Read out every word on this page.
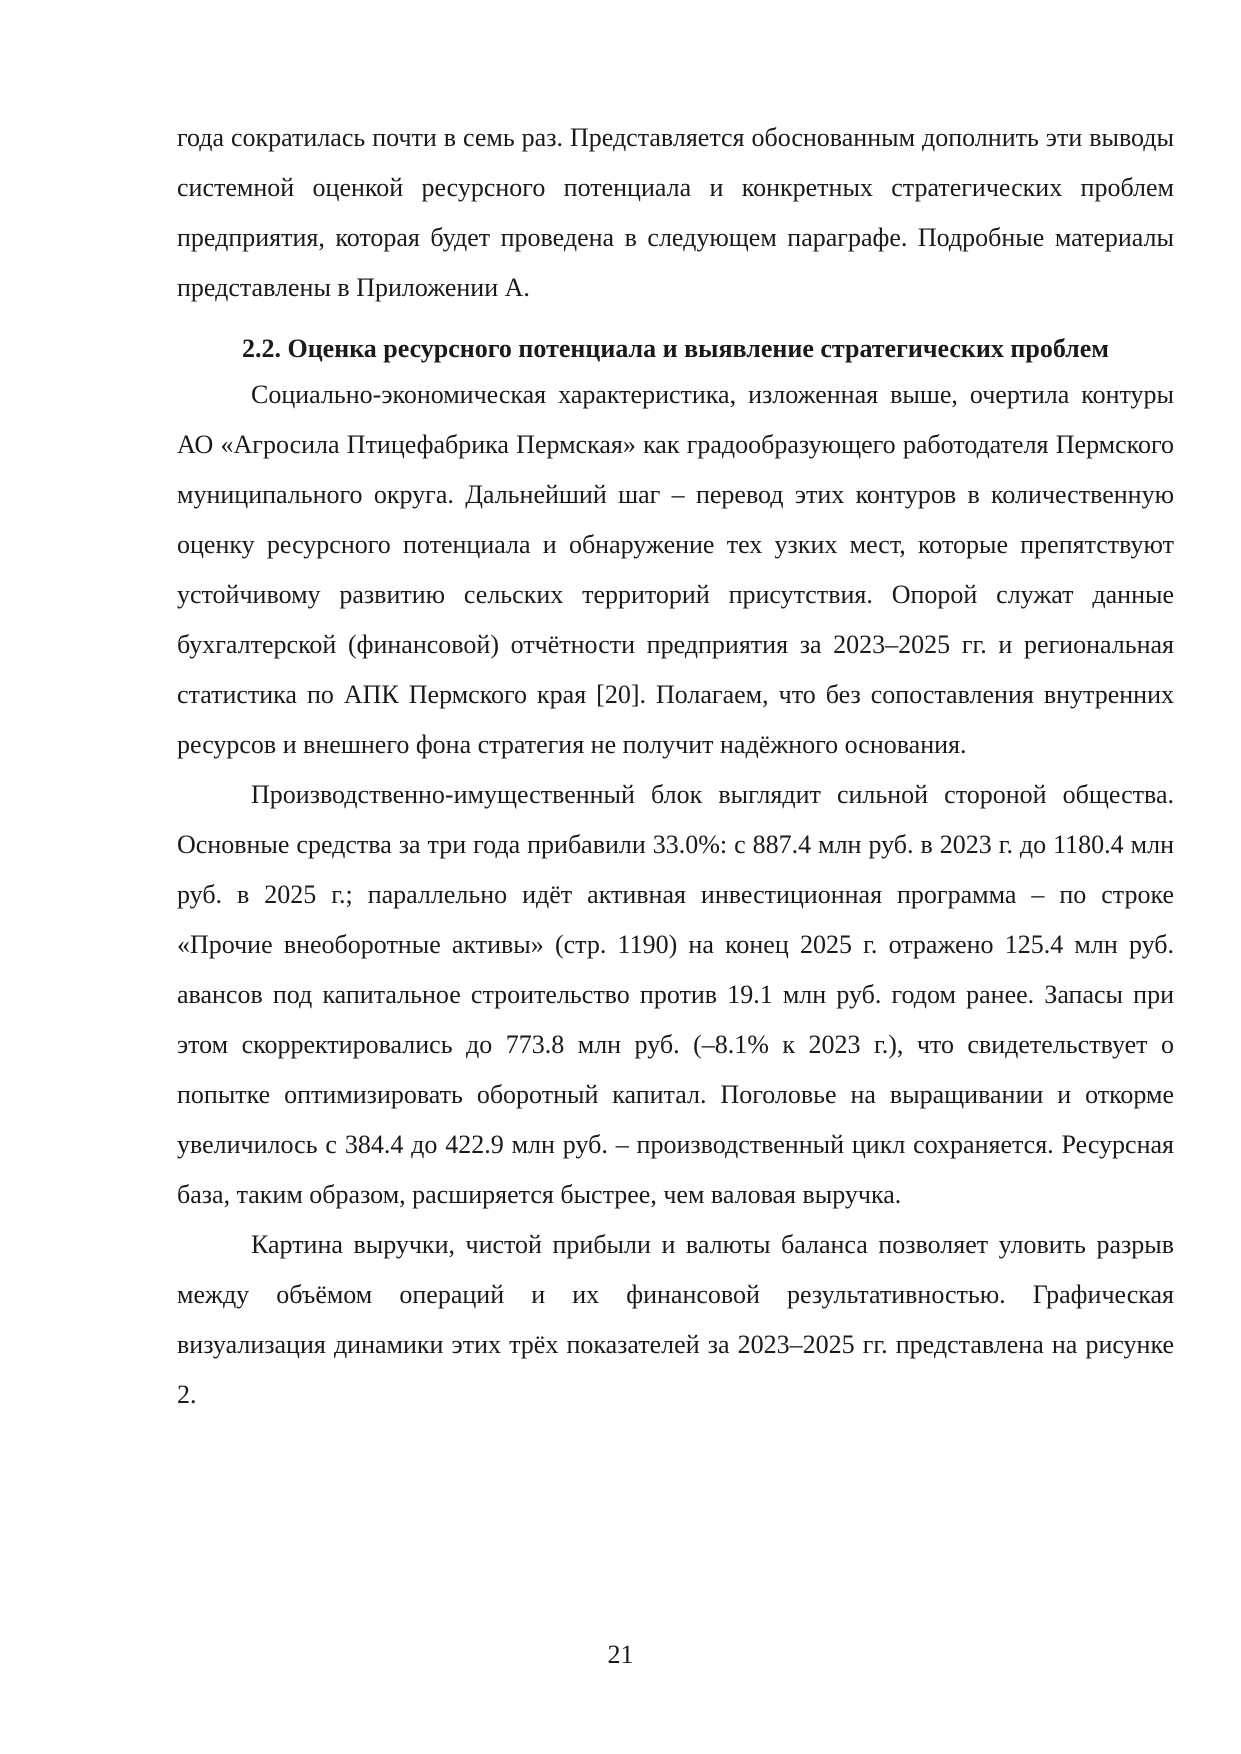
года сократилась почти в семь раз. Представляется обоснованным дополнить эти выводы системной оценкой ресурсного потенциала и конкретных стратегических проблем предприятия, которая будет проведена в следующем параграфе. Подробные материалы представлены в Приложении А.

2.2. Оценка ресурсного потенциала и выявление стратегических проблем

Социально-экономическая характеристика, изложенная выше, очертила контуры АО «Агросила Птицефабрика Пермская» как градообразующего работодателя Пермского муниципального округа. Дальнейший шаг – перевод этих контуров в количественную оценку ресурсного потенциала и обнаружение тех узких мест, которые препятствуют устойчивому развитию сельских территорий присутствия. Опорой служат данные бухгалтерской (финансовой) отчётности предприятия за 2023–2025 гг. и региональная статистика по АПК Пермского края [20]. Полагаем, что без сопоставления внутренних ресурсов и внешнего фона стратегия не получит надёжного основания.

Производственно-имущественный блок выглядит сильной стороной общества. Основные средства за три года прибавили 33.0%: с 887.4 млн руб. в 2023 г. до 1180.4 млн руб. в 2025 г.; параллельно идёт активная инвестиционная программа – по строке «Прочие внеоборотные активы» (стр. 1190) на конец 2025 г. отражено 125.4 млн руб. авансов под капитальное строительство против 19.1 млн руб. годом ранее. Запасы при этом скорректировались до 773.8 млн руб. (–8.1% к 2023 г.), что свидетельствует о попытке оптимизировать оборотный капитал. Поголовье на выращивании и откорме увеличилось с 384.4 до 422.9 млн руб. – производственный цикл сохраняется. Ресурсная база, таким образом, расширяется быстрее, чем валовая выручка.

Картина выручки, чистой прибыли и валюты баланса позволяет уловить разрыв между объёмом операций и их финансовой результативностью. Графическая визуализация динамики этих трёх показателей за 2023–2025 гг. представлена на рисунке 2.

21
